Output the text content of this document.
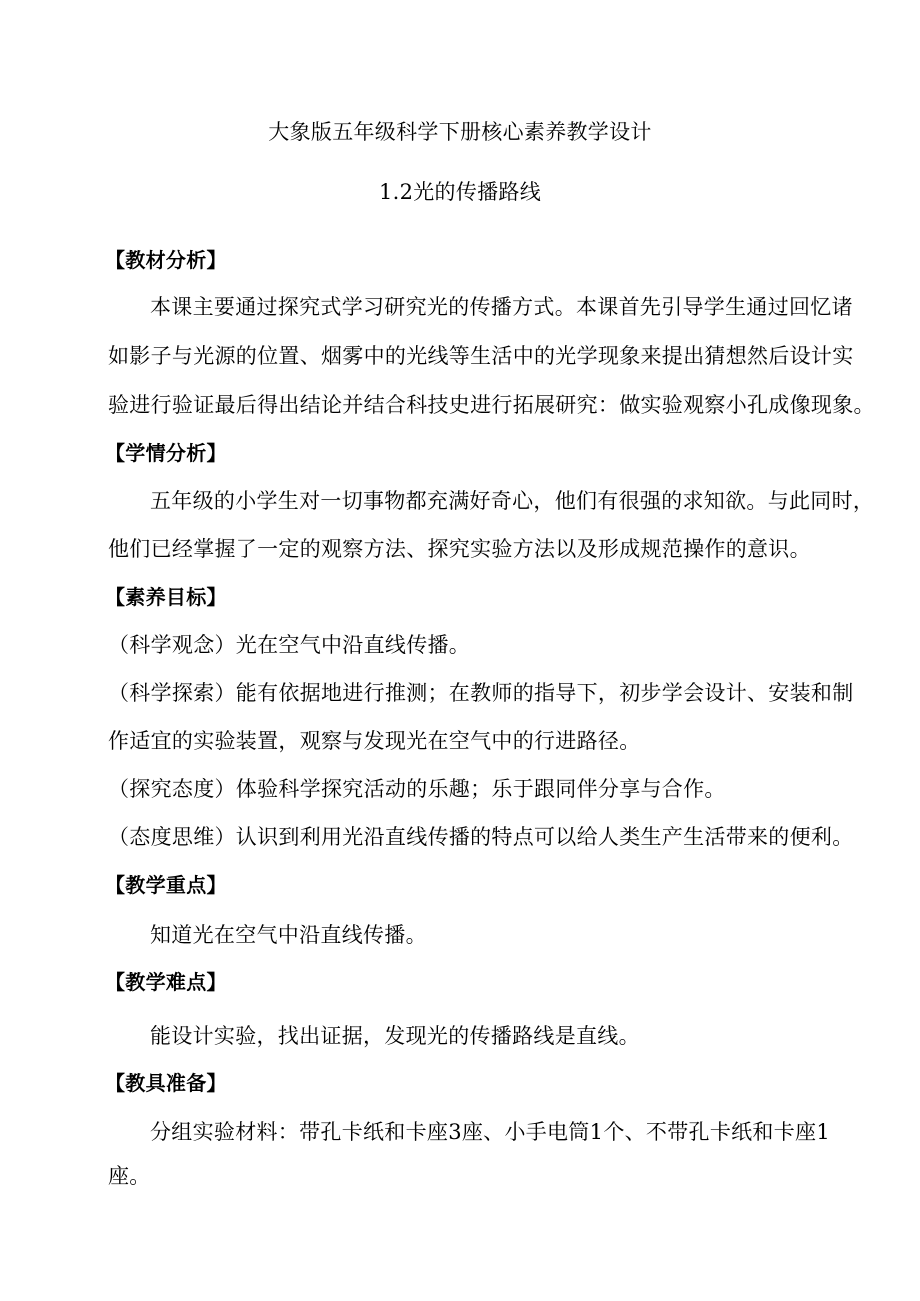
大象版五年级科学下册核心素养教学设计
1.2光的传播路线
【教材分析】
本课主要通过探究式学习研究光的传播方式。本课首先引导学生通过回忆诸
如影子与光源的位置、烟雾中的光线等生活中的光学现象来提出猜想然后设计实
验进行验证最后得出结论并结合科技史进行拓展研究：做实验观察小孔成像现象。
【学情分析】
五年级的小学生对一切事物都充满好奇心，他们有很强的求知欲。与此同时，
他们已经掌握了一定的观察方法、探究实验方法以及形成规范操作的意识。
【素养目标】
（科学观念）光在空气中沿直线传播。
（科学探索）能有依据地进行推测；在教师的指导下，初步学会设计、安装和制
作适宜的实验装置，观察与发现光在空气中的行进路径。
（探究态度）体验科学探究活动的乐趣；乐于跟同伴分享与合作。
（态度思维）认识到利用光沿直线传播的特点可以给人类生产生活带来的便利。
【教学重点】
知道光在空气中沿直线传播。
【教学难点】
能设计实验，找出证据，发现光的传播路线是直线。
【教具准备】
分组实验材料：带孔卡纸和卡座3座、小手电筒1个、不带孔卡纸和卡座1
座。
